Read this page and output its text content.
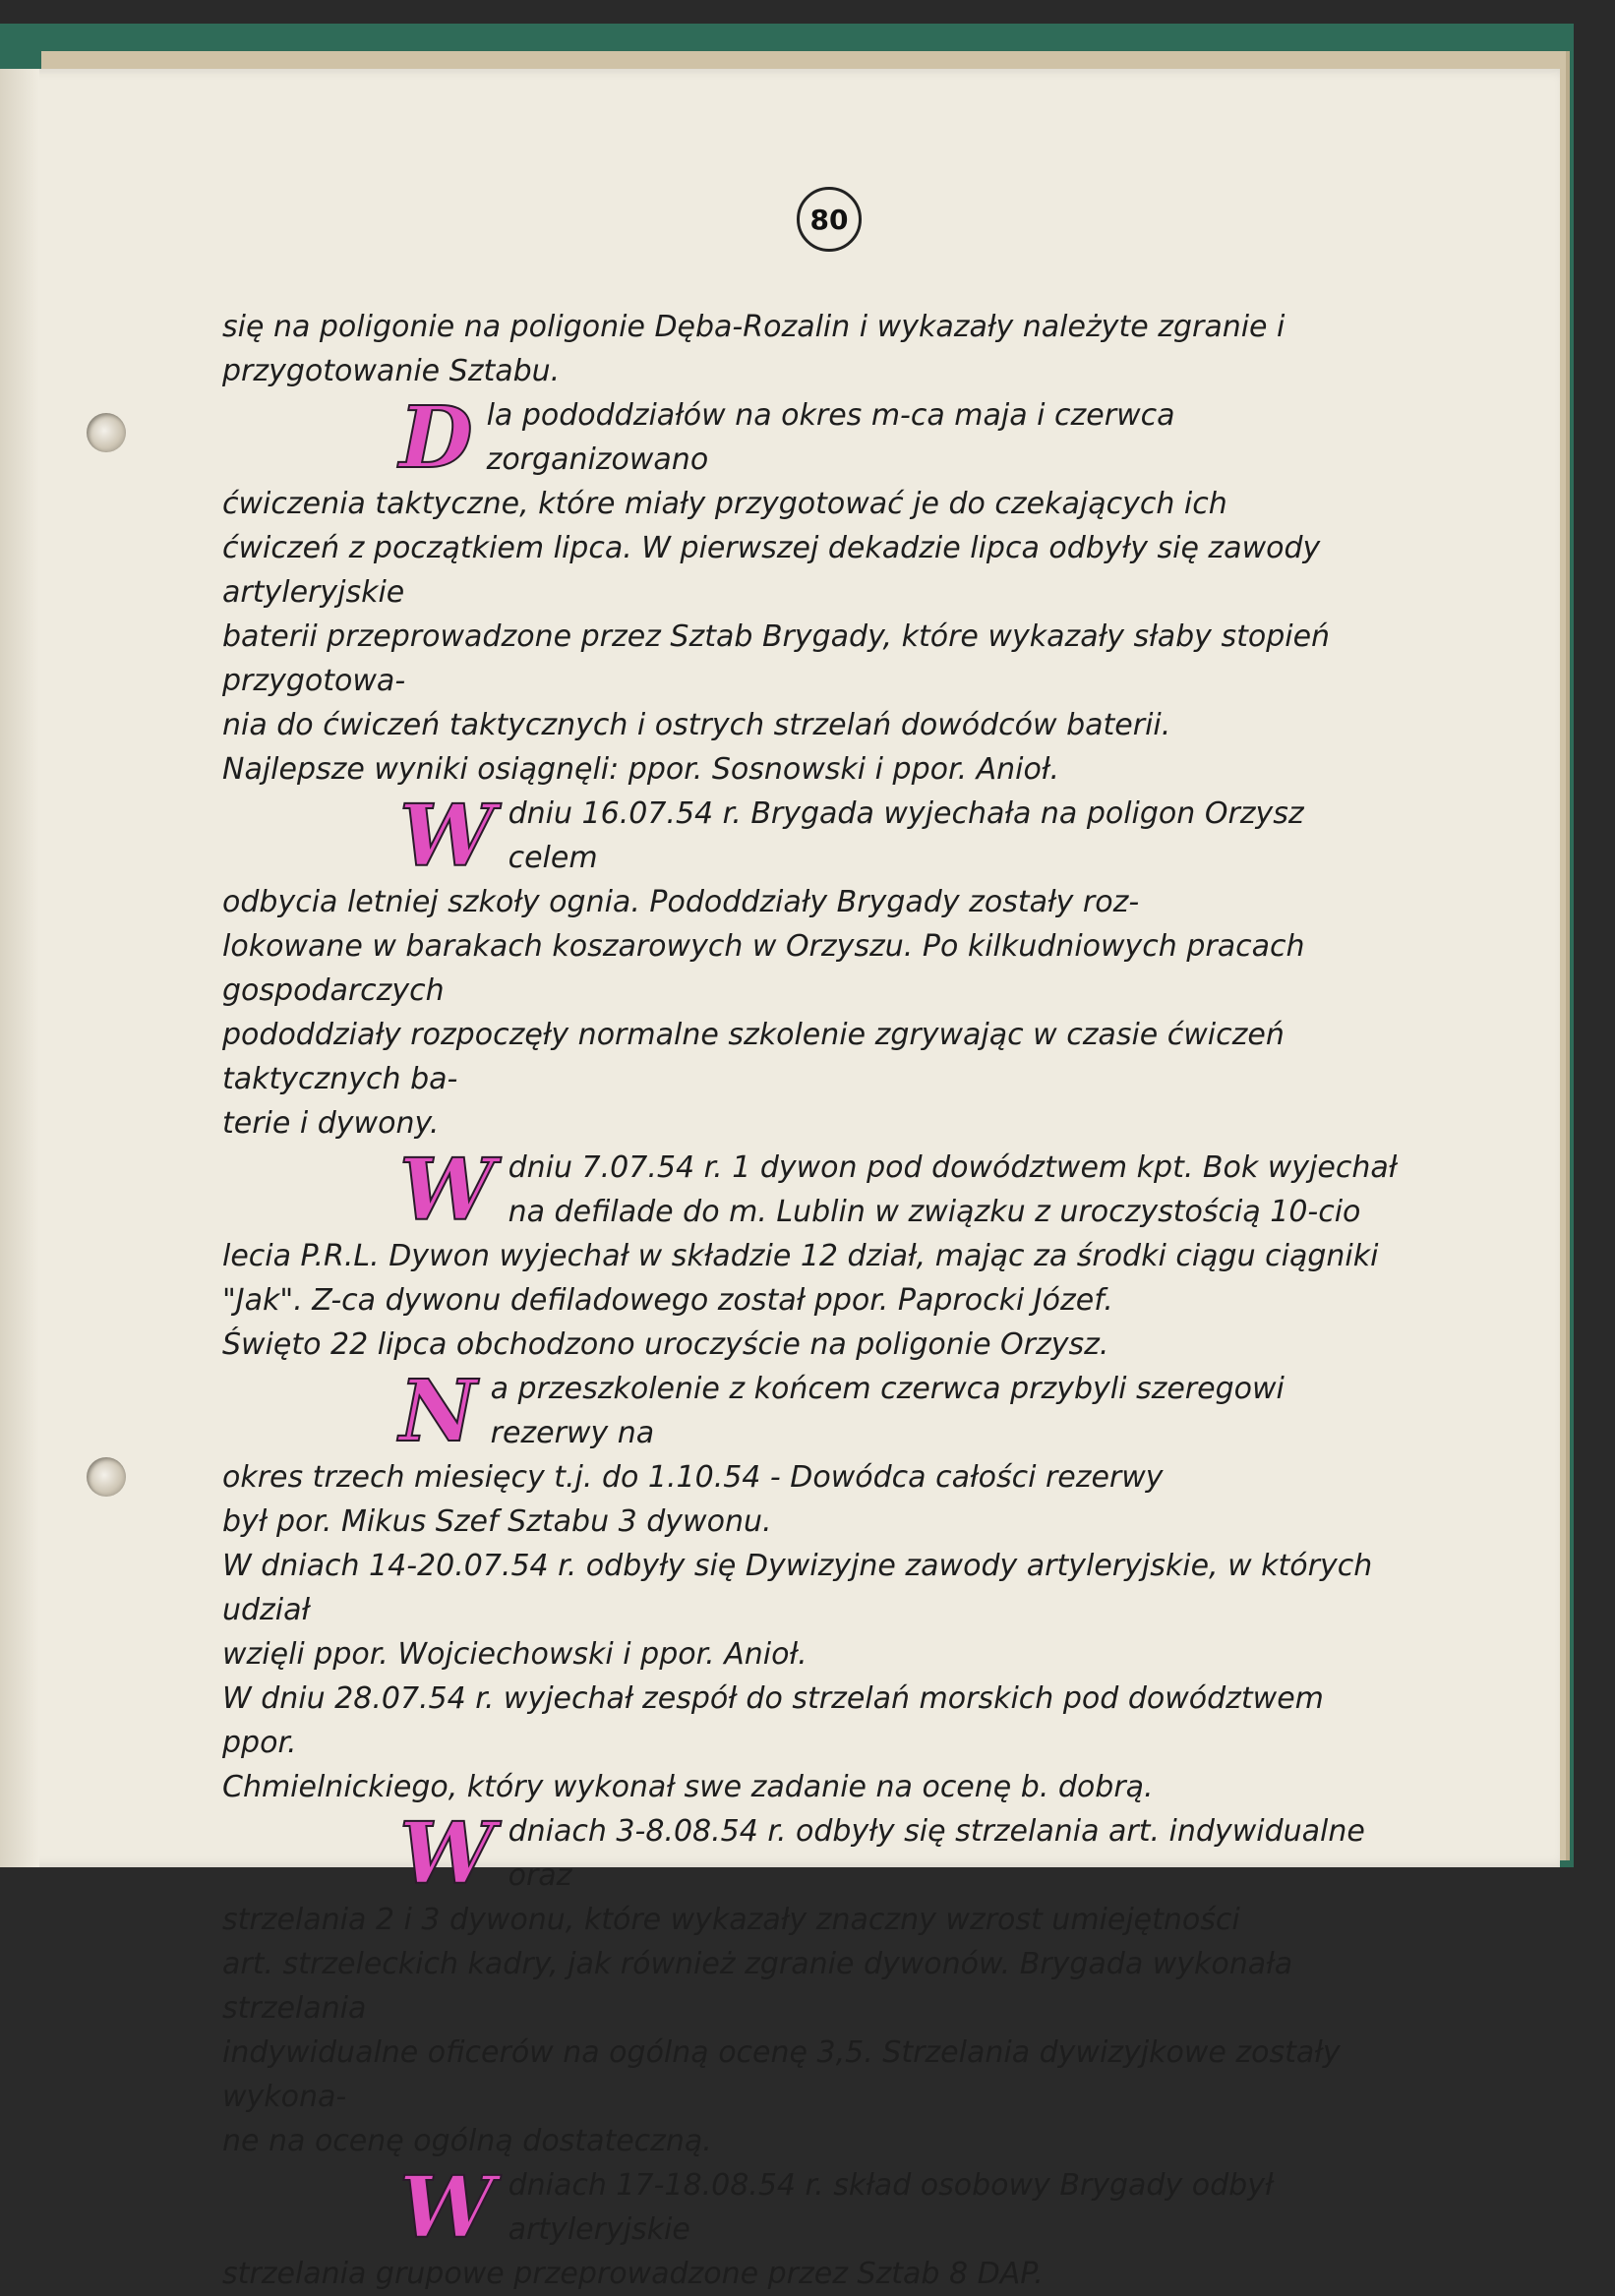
80

się na poligonie na poligonie Dęba-Rozalin i wykazały należyte zgranie i przygotowanie Sztabu.

D la pododdziałów na okres m-ca maja i czerwca zorganizowano
ćwiczenia taktyczne, które miały przygotować je do czekających ich
ćwiczeń z początkiem lipca. W pierwszej dekadzie lipca odbyły się zawody artyleryjskie
baterii przeprowadzone przez Sztab Brygady, które wykazały słaby stopień przygotowa-
nia do ćwiczeń taktycznych i ostrych strzelań dowódców baterii.
Najlepsze wyniki osiągnęli: ppor. Sosnowski i ppor. Anioł.
W dniu 16.07.54 r. Brygada wyjechała na poligon Orzysz celem
odbycia letniej szkoły ognia. Pododdziały Brygady zostały roz-
lokowane w barakach koszarowych w Orzyszu. Po kilkudniowych pracach gospodarczych
pododdziały rozpoczęły normalne szkolenie zgrywając w czasie ćwiczeń taktycznych ba-
terie i dywony.
W dniu 7.07.54 r. 1 dywon pod dowództwem kpt. Bok wyjechał
na defilade do m. Lublin w związku z uroczystością 10-cio
lecia P.R.L. Dywon wyjechał w składzie 12 dział, mając za środki ciągu ciągniki
"Jak". Z-ca dywonu defiladowego został ppor. Paprocki Józef.
Święto 22 lipca obchodzono uroczyście na poligonie Orzysz.
N a przeszkolenie z końcem czerwca przybyli szeregowi rezerwy na
okres trzech miesięcy t.j. do 1.10.54 - Dowódca całości rezerwy
był por. Mikus Szef Sztabu 3 dywonu.
W dniach 14-20.07.54 r. odbyły się Dywizyjne zawody artyleryjskie, w których udział
wzięli ppor. Wojciechowski i ppor. Anioł.
W dniu 28.07.54 r. wyjechał zespół do strzelań morskich pod dowództwem ppor.
Chmielnickiego, który wykonał swe zadanie na ocenę b. dobrą.
W dniach 3-8.08.54 r. odbyły się strzelania art. indywidualne oraz
strzelania 2 i 3 dywonu, które wykazały znaczny wzrost umiejętności
art. strzeleckich kadry, jak również zgranie dywonów. Brygada wykonała strzelania
indywidualne oficerów na ogólną ocenę 3,5. Strzelania dywizyjkowe zostały wykona-
ne na ocenę ogólną dostateczną.
W dniach 17-18.08.54 r. skład osobowy Brygady odbył artyleryjskie
strzelania grupowe przeprowadzone przez Sztab 8 DAP.
